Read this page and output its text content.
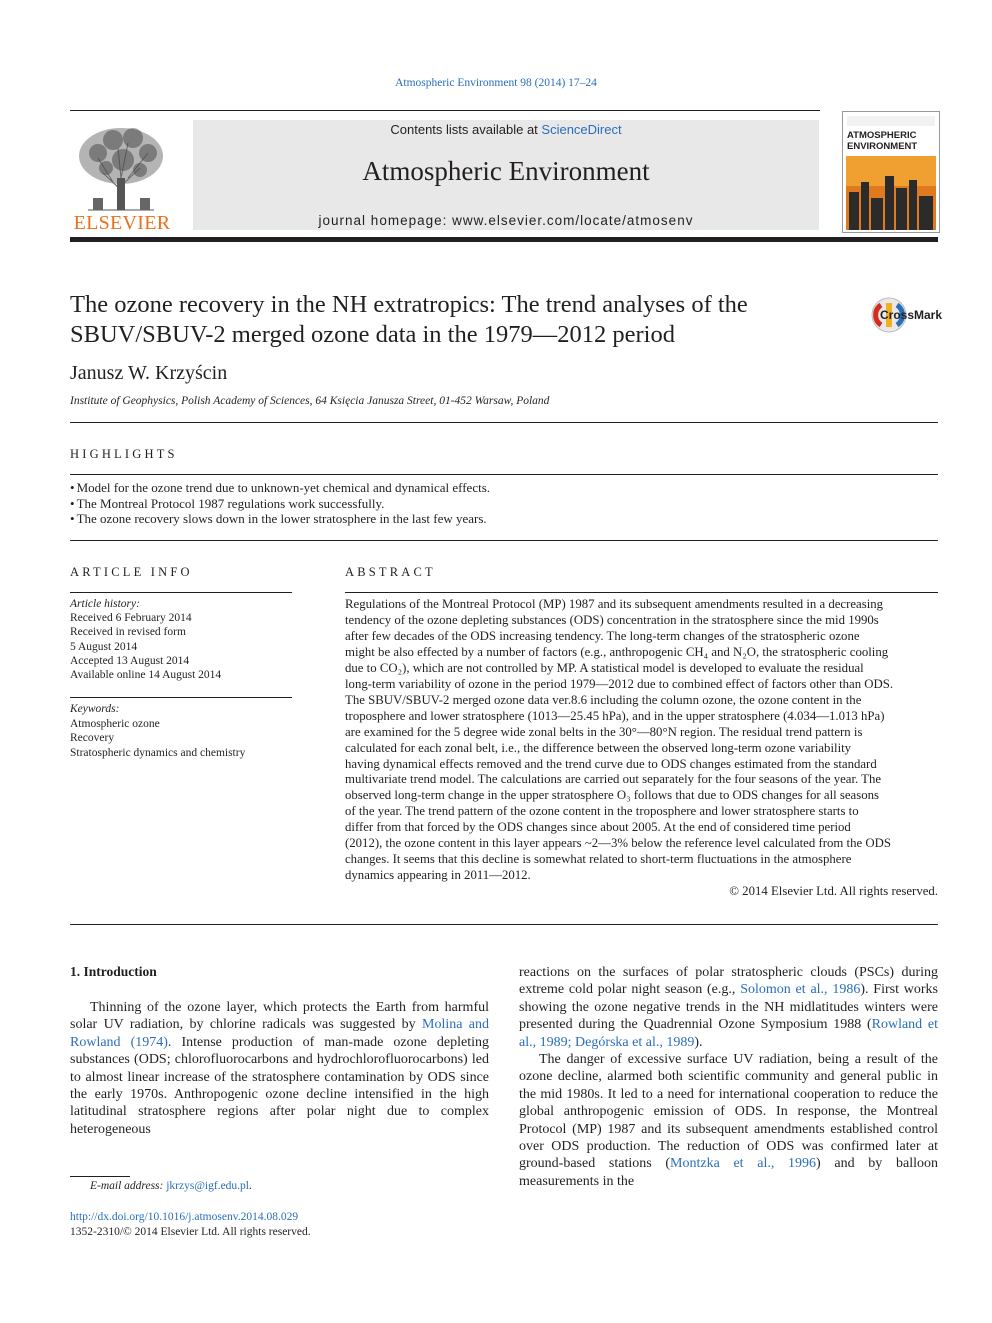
Atmospheric Environment 98 (2014) 17–24
ELSEVIER
Contents lists available at ScienceDirect
Atmospheric Environment
journal homepage: www.elsevier.com/locate/atmosenv
ATMOSPHERIC
ENVIRONMENT
The ozone recovery in the NH extratropics: The trend analyses of the
SBUV/SBUV-2 merged ozone data in the 1979—2012 period
CrossMark
Janusz W. Krzyścin
Institute of Geophysics, Polish Academy of Sciences, 64 Księcia Janusza Street, 01-452 Warsaw, Poland
HIGHLIGHTS
• Model for the ozone trend due to unknown-yet chemical and dynamical effects.
• The Montreal Protocol 1987 regulations work successfully.
• The ozone recovery slows down in the lower stratosphere in the last few years.
ARTICLE INFO
Article history:
Received 6 February 2014
Received in revised form
5 August 2014
Accepted 13 August 2014
Available online 14 August 2014
Keywords:
Atmospheric ozone
Recovery
Stratospheric dynamics and chemistry
ABSTRACT
Regulations of the Montreal Protocol (MP) 1987 and its subsequent amendments resulted in a decreasing
tendency of the ozone depleting substances (ODS) concentration in the stratosphere since the mid 1990s
after few decades of the ODS increasing tendency. The long-term changes of the stratospheric ozone
might be also effected by a number of factors (e.g., anthropogenic CH₄ and N₂O, the stratospheric cooling
due to CO₂), which are not controlled by MP. A statistical model is developed to evaluate the residual
long-term variability of ozone in the period 1979—2012 due to combined effect of factors other than ODS.
The SBUV/SBUV-2 merged ozone data ver.8.6 including the column ozone, the ozone content in the
troposphere and lower stratosphere (1013—25.45 hPa), and in the upper stratosphere (4.034—1.013 hPa)
are examined for the 5 degree wide zonal belts in the 30°—80°N region. The residual trend pattern is
calculated for each zonal belt, i.e., the difference between the observed long-term ozone variability
having dynamical effects removed and the trend curve due to ODS changes estimated from the standard
multivariate trend model. The calculations are carried out separately for the four seasons of the year. The
observed long-term change in the upper stratosphere O₃ follows that due to ODS changes for all seasons
of the year. The trend pattern of the ozone content in the troposphere and lower stratosphere starts to
differ from that forced by the ODS changes since about 2005. At the end of considered time period
(2012), the ozone content in this layer appears ~2—3% below the reference level calculated from the ODS
changes. It seems that this decline is somewhat related to short-term fluctuations in the atmosphere
dynamics appearing in 2011—2012.
© 2014 Elsevier Ltd. All rights reserved.
1. Introduction
Thinning of the ozone layer, which protects the Earth from harmful solar UV radiation, by chlorine radicals was suggested by Molina and Rowland (1974). Intense production of man-made ozone depleting substances (ODS; chlorofluorocarbons and hydrochlorofluorocarbons) led to almost linear increase of the stratosphere contamination by ODS since the early 1970s. Anthropogenic ozone decline intensified in the high latitudinal stratosphere regions after polar night due to complex heterogeneous

reactions on the surfaces of polar stratospheric clouds (PSCs) during extreme cold polar night season (e.g., Solomon et al., 1986). First works showing the ozone negative trends in the NH midlatitudes winters were presented during the Quadrennial Ozone Symposium 1988 (Rowland et al., 1989; Degórska et al., 1989).

The danger of excessive surface UV radiation, being a result of the ozone decline, alarmed both scientific community and general public in the mid 1980s. It led to a need for international cooperation to reduce the global anthropogenic emission of ODS. In response, the Montreal Protocol (MP) 1987 and its subsequent amendments established control over ODS production. The reduction of ODS was confirmed later at ground-based stations (Montzka et al., 1996) and by balloon measurements in the

E-mail address: jkrzys@igf.edu.pl.
http://dx.doi.org/10.1016/j.atmosenv.2014.08.029
1352-2310/© 2014 Elsevier Ltd. All rights reserved.
